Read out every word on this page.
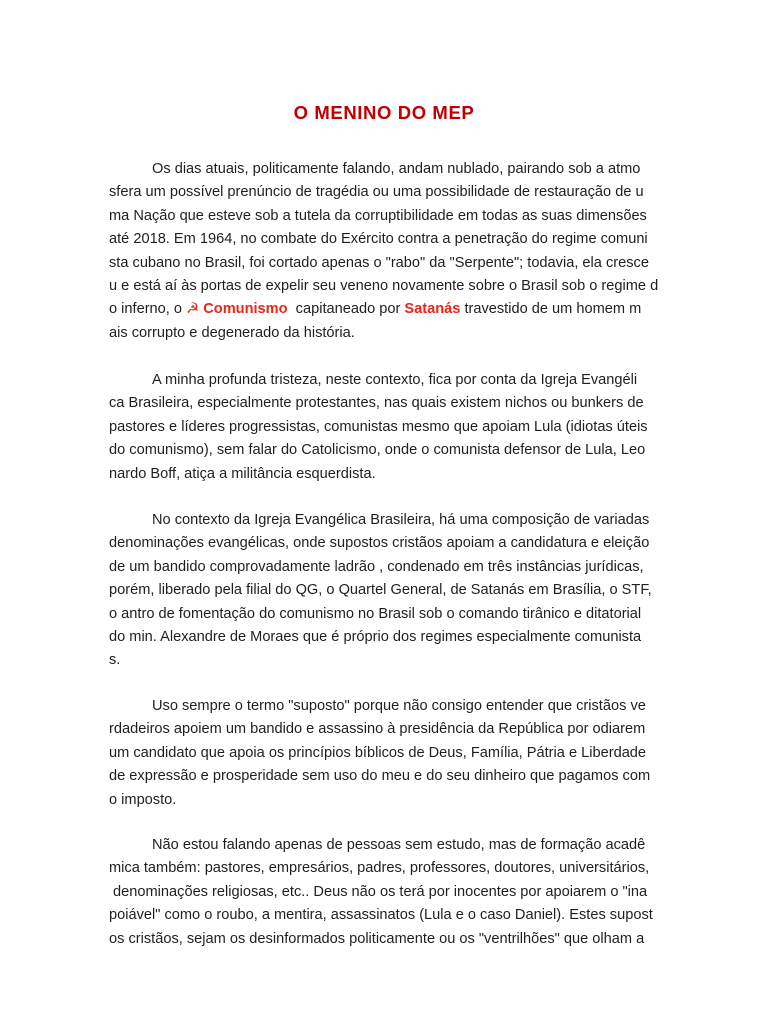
O MENINO DO MEP
Os dias atuais, politicamente falando, andam nublado, pairando sob a atmo
sfera um possível prenúncio de tragédia ou uma possibilidade de restauração de u
ma Nação que esteve sob a tutela da corruptibilidade em todas as suas dimensões
até 2018. Em 1964, no combate do Exército contra a penetração do regime comuni
sta cubano no Brasil, foi cortado apenas o "rabo" da "Serpente"; todavia, ela cresce
u e está aí às portas de expelir seu veneno novamente sobre o Brasil sob o regime d
o inferno, o ☭ Comunismo  capitaneado por Satanás travestido de um homem m
ais corrupto e degenerado da história.
A minha profunda tristeza, neste contexto, fica por conta da Igreja Evangéli
ca Brasileira, especialmente protestantes, nas quais existem nichos ou bunkers de
pastores e líderes progressistas, comunistas mesmo que apoiam Lula (idiotas úteis
do comunismo), sem falar do Catolicismo, onde o comunista defensor de Lula, Leo
nardo Boff, atiça a militância esquerdista.
No contexto da Igreja Evangélica Brasileira, há uma composição de variadas
denominações evangélicas, onde supostos cristãos apoiam a candidatura e eleição
de um bandido comprovadamente ladrão , condenado em três instâncias jurídicas,
porém, liberado pela filial do QG, o Quartel General, de Satanás em Brasília, o STF,
o antro de fomentação do comunismo no Brasil sob o comando tirânico e ditatorial
do min. Alexandre de Moraes que é próprio dos regimes especialmente comunista
s.
Uso sempre o termo "suposto" porque não consigo entender que cristãos ve
rdadeiros apoiem um bandido e assassino à presidência da República por odiarem
um candidato que apoia os princípios bíblicos de Deus, Família, Pátria e Liberdade
de expressão e prosperidade sem uso do meu e do seu dinheiro que pagamos com
o imposto.
Não estou falando apenas de pessoas sem estudo, mas de formação acadê
mica também: pastores, empresários, padres, professores, doutores, universitários,
denominações religiosas, etc.. Deus não os terá por inocentes por apoiarem o "ina
poiável" como o roubo, a mentira, assassinatos (Lula e o caso Daniel). Estes supost
os cristãos, sejam os desinformados politicamente ou os "ventrilhões" que olham a
